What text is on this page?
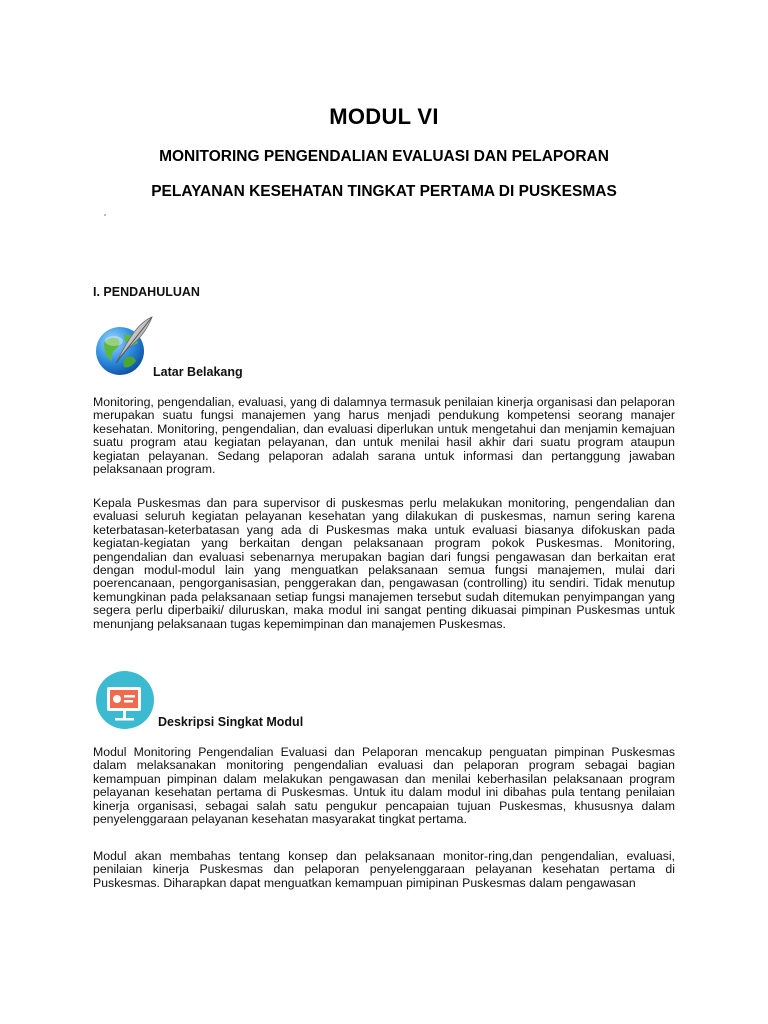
MODUL VI
MONITORING PENGENDALIAN EVALUASI DAN PELAPORAN
PELAYANAN KESEHATAN TINGKAT PERTAMA DI PUSKESMAS
I. PENDAHULUAN
Latar Belakang

Monitoring, pengendalian, evaluasi, yang di dalamnya termasuk penilaian kinerja organisasi dan pelaporan merupakan suatu fungsi manajemen yang harus menjadi pendukung kompetensi seorang manajer kesehatan. Monitoring, pengendalian, dan evaluasi diperlukan untuk mengetahui dan menjamin kemajuan suatu program atau kegiatan pelayanan, dan untuk menilai hasil akhir dari suatu program ataupun kegiatan pelayanan. Sedang pelaporan adalah sarana untuk informasi dan pertanggung jawaban pelaksanaan program.

Kepala Puskesmas dan para supervisor di puskesmas perlu melakukan monitoring, pengendalian dan evaluasi seluruh kegiatan pelayanan kesehatan yang dilakukan di puskesmas, namun sering karena keterbatasan-keterbatasan yang ada di Puskesmas maka untuk evaluasi biasanya difokuskan pada kegiatan-kegiatan yang berkaitan dengan pelaksanaan program pokok Puskesmas. Monitoring, pengendalian dan evaluasi sebenarnya merupakan bagian dari fungsi pengawasan dan berkaitan erat dengan modul-modul lain yang menguatkan pelaksanaan semua fungsi manajemen, mulai dari poerencanaan, pengorganisasian, penggerakan dan, pengawasan (controlling) itu sendiri. Tidak menutup kemungkinan pada pelaksanaan setiap fungsi manajemen tersebut sudah ditemukan penyimpangan yang segera perlu diperbaiki/ diluruskan, maka modul ini sangat penting dikuasai pimpinan Puskesmas untuk menunjang pelaksanaan tugas kepemimpinan dan manajemen Puskesmas.

Deskripsi Singkat Modul

Modul Monitoring Pengendalian Evaluasi dan Pelaporan mencakup penguatan pimpinan Puskesmas dalam melaksanakan monitoring pengendalian evaluasi dan pelaporan program sebagai bagian kemampuan pimpinan dalam melakukan pengawasan dan menilai keberhasilan pelaksanaan program pelayanan kesehatan pertama di Puskesmas. Untuk itu dalam modul ini dibahas pula tentang penilaian kinerja organisasi, sebagai salah satu pengukur pencapaian tujuan Puskesmas, khususnya dalam penyelenggaraan pelayanan kesehatan masyarakat tingkat pertama.

Modul akan membahas tentang konsep dan pelaksanaan monitor-ring,dan pengendalian, evaluasi, penilaian kinerja Puskesmas dan pelaporan penyelenggaraan pelayanan kesehatan pertama di Puskesmas. Diharapkan dapat menguatkan kemampuan pimipinan Puskesmas dalam pengawasan
